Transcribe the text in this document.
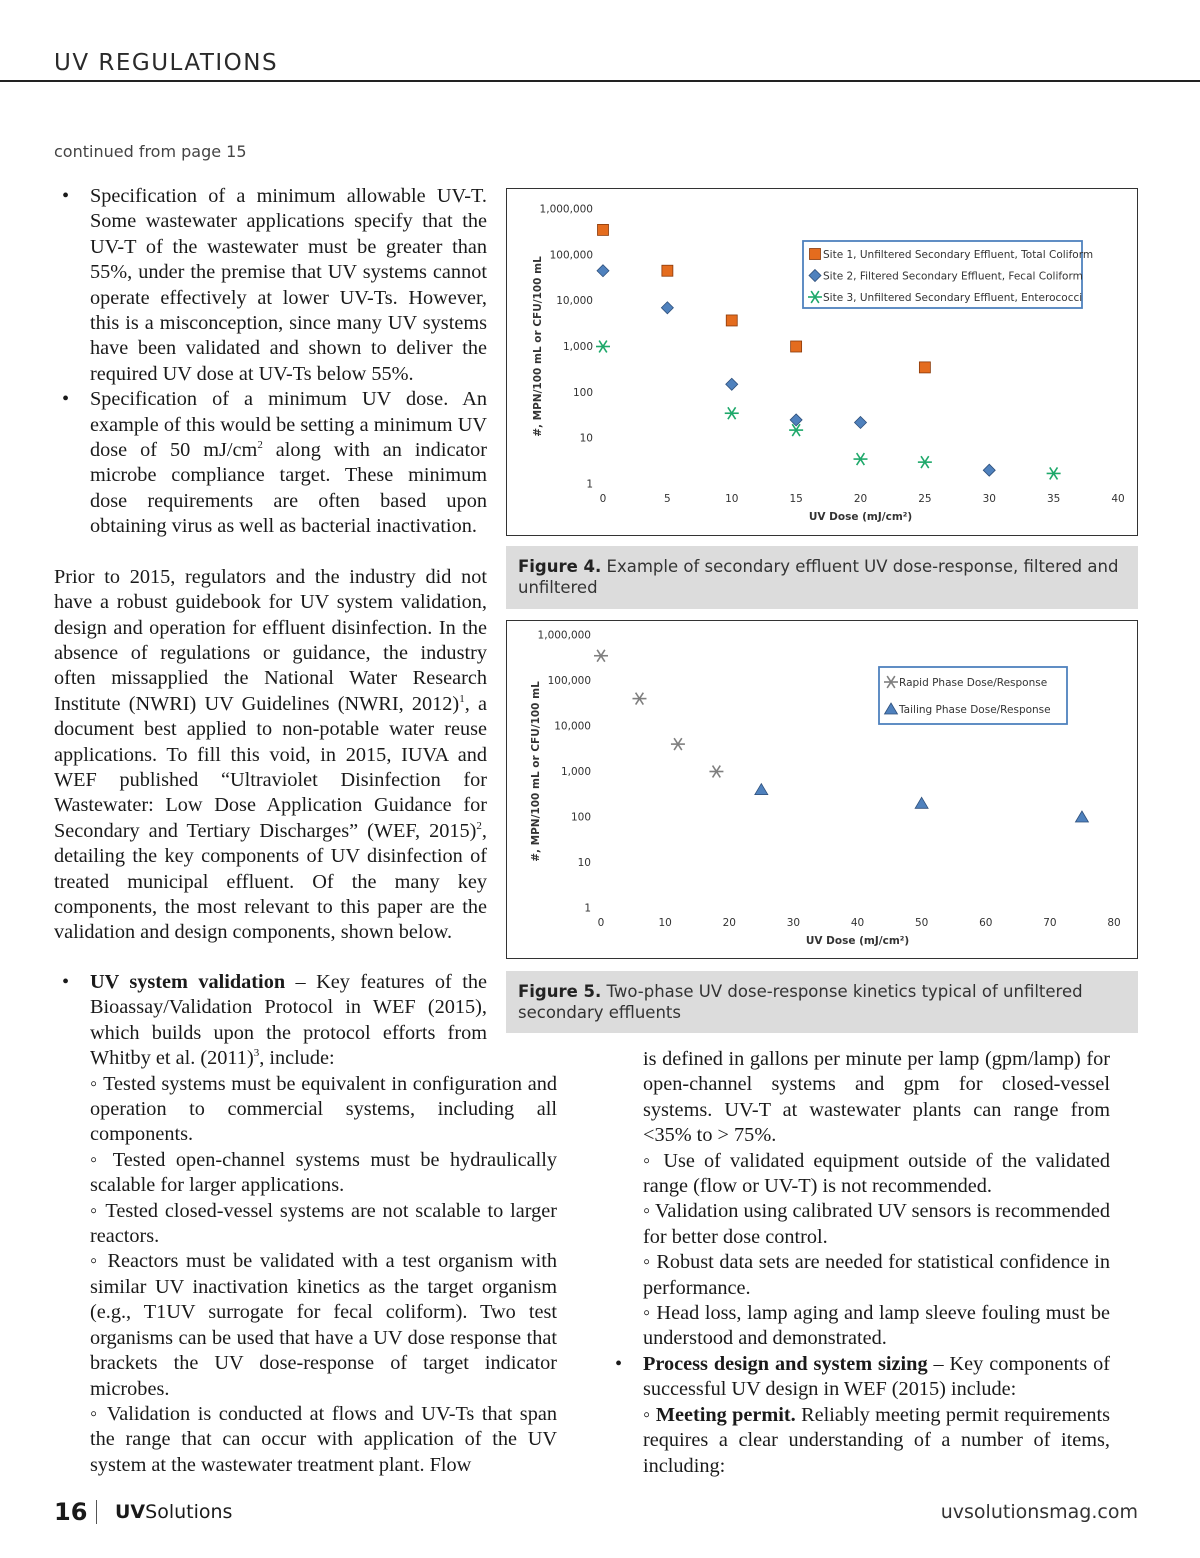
UV REGULATIONS
continued from page 15
• Specification of a minimum allowable UV-T. Some wastewater applications specify that the UV-T of the wastewater must be greater than 55%, under the premise that UV systems cannot operate effectively at lower UV-Ts. However, this is a misconception, since many UV systems have been validated and shown to deliver the required UV dose at UV-Ts below 55%.
• Specification of a minimum UV dose. An example of this would be setting a minimum UV dose of 50 $mJ/cm^2$ along with an indicator microbe compliance target. These minimum dose requirements are often based upon obtaining virus as well as bacterial inactivation.

Prior to 2015, regulators and the industry did not have a robust guidebook for UV system validation, design and operation for effluent disinfection. In the absence of regulations or guidance, the industry often missapplied the National Water Research Institute (NWRI) UV Guidelines (NWRI, 2012)$^1$, a document best applied to non-potable water reuse applications. To fill this void, in 2015, IUVA and WEF published “Ultraviolet Disinfection for Wastewater: Low Dose Application Guidance for Secondary and Tertiary Discharges” (WEF, 2015)$^2$, detailing the key components of UV disinfection of treated municipal effluent. Of the many key components, the most relevant to this paper are the validation and design components, shown below.

• UV system validation – Key features of the Bioassay/Validation Protocol in WEF (2015), which builds upon the protocol efforts from Whitby et al. $(2011)^3$, include:
◦ Tested systems must be equivalent in configuration and operation to commercial systems, including all components.
◦ Tested open-channel systems must be hydraulically scalable for larger applications.
◦ Tested closed-vessel systems are not scalable to larger reactors.
◦ Reactors must be validated with a test organism with similar UV inactivation kinetics as the target organism (e.g., T1UV surrogate for fecal coliform). Two test organisms can be used that have a UV dose response that brackets the UV dose-response of target indicator microbes.
◦ Validation is conducted at flows and UV-Ts that span the range that can occur with application of the UV system at the wastewater treatment plant. Flow
is defined in gallons per minute per lamp (gpm/lamp) for open-channel systems and gpm for closed-vessel systems. UV-T at wastewater plants can range from <35% to > 75%.
◦ Use of validated equipment outside of the validated range (flow or UV-T) is not recommended.
◦ Validation using calibrated UV sensors is recommended for better dose control.
◦ Robust data sets are needed for statistical confidence in performance.
◦ Head loss, lamp aging and lamp sleeve fouling must be understood and demonstrated.
• Process design and system sizing – Key components of successful UV design in WEF (2015) include:
◦ Meeting permit. Reliably meeting permit requirements requires a clear understanding of a number of items, including:
1
10
100
1,000
10,000
100,000
1,000,000
0	5	10	15	20	25	30	35	40
UV Dose (mJ/cm²)
#, MPN/100 mL or CFU/100 mL
Site 1, Unfiltered Secondary Effluent, Total Coliform
Site 2, Filtered Secondary Effluent, Fecal Coliform
Site 3, Unfiltered Secondary Effluent, Enterococci
Figure 4. Example of secondary effluent UV dose-response, filtered and unfiltered
1
10
100
1,000
10,000
100,000
1,000,000
0	10	20	30	40	50	60	70	80
UV Dose (mJ/cm²)
#, MPN/100 mL or CFU/100 mL	Rapid Phase Dose/Response
Tailing Phase Dose/Response
Figure 5. Two-phase UV dose-response kinetics typical of unfiltered secondary effluents
16 UVSolutions	uvsolutionsmag.com
